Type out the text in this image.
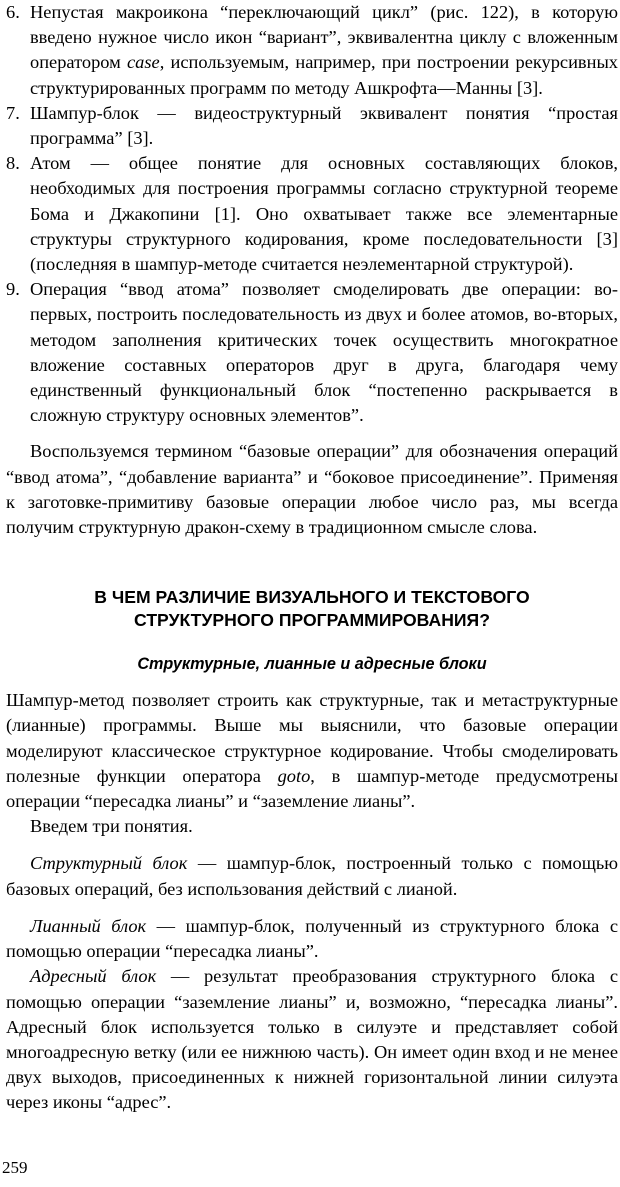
6. Непустая макроикона “переключающий цикл” (рис. 122), в которую введено нужное число икон “вариант”, эквивалентна циклу с вложенным оператором case, используемым, например, при построении рекурсивных структурированных программ по методу Ашкрофта—Манны [3].
7. Шампур-блок — видеоструктурный эквивалент понятия “простая программа” [3].
8. Атом — общее понятие для основных составляющих блоков, необходимых для построения программы согласно структурной теореме Бома и Джакопини [1]. Оно охватывает также все элементарные структуры структурного кодирования, кроме последовательности [3] (последняя в шампур-методе считается неэлементарной структурой).
9. Операция “ввод атома” позволяет смоделировать две операции: во-первых, построить последовательность из двух и более атомов, во-вторых, методом заполнения критических точек осуществить многократное вложение составных операторов друг в друга, благодаря чему единственный функциональный блок “постепенно раскрывается в сложную структуру основных элементов”.

Воспользуемся термином “базовые операции” для обозначения операций “ввод атома”, “добавление варианта” и “боковое присоединение”. Применяя к заготовке-примитиву базовые операции любое число раз, мы всегда получим структурную дракон-схему в традиционном смысле слова.

В ЧЕМ РАЗЛИЧИЕ ВИЗУАЛЬНОГО И ТЕКСТОВОГО
СТРУКТУРНОГО ПРОГРАММИРОВАНИЯ?
Структурные, лианные и адресные блоки

Шампур-метод позволяет строить как структурные, так и метаструктурные (лианные) программы. Выше мы выяснили, что базовые операции моделируют классическое структурное кодирование. Чтобы смоделировать полезные функции оператора goto, в шампур-методе предусмотрены операции “пересадка лианы” и “заземление лианы”.

Введем три понятия.

Структурный блок — шампур-блок, построенный только с помощью базовых операций, без использования действий с лианой.

Лианный блок — шампур-блок, полученный из структурного блока с помощью операции “пересадка лианы”.

Адресный блок — результат преобразования структурного блока с помощью операции “заземление лианы” и, возможно, “пересадка лианы”. Адресный блок используется только в силуэте и представляет собой многоадресную ветку (или ее нижнюю часть). Он имеет один вход и не менее двух выходов, присоединенных к нижней горизонтальной линии силуэта через иконы “адрес”.

259
